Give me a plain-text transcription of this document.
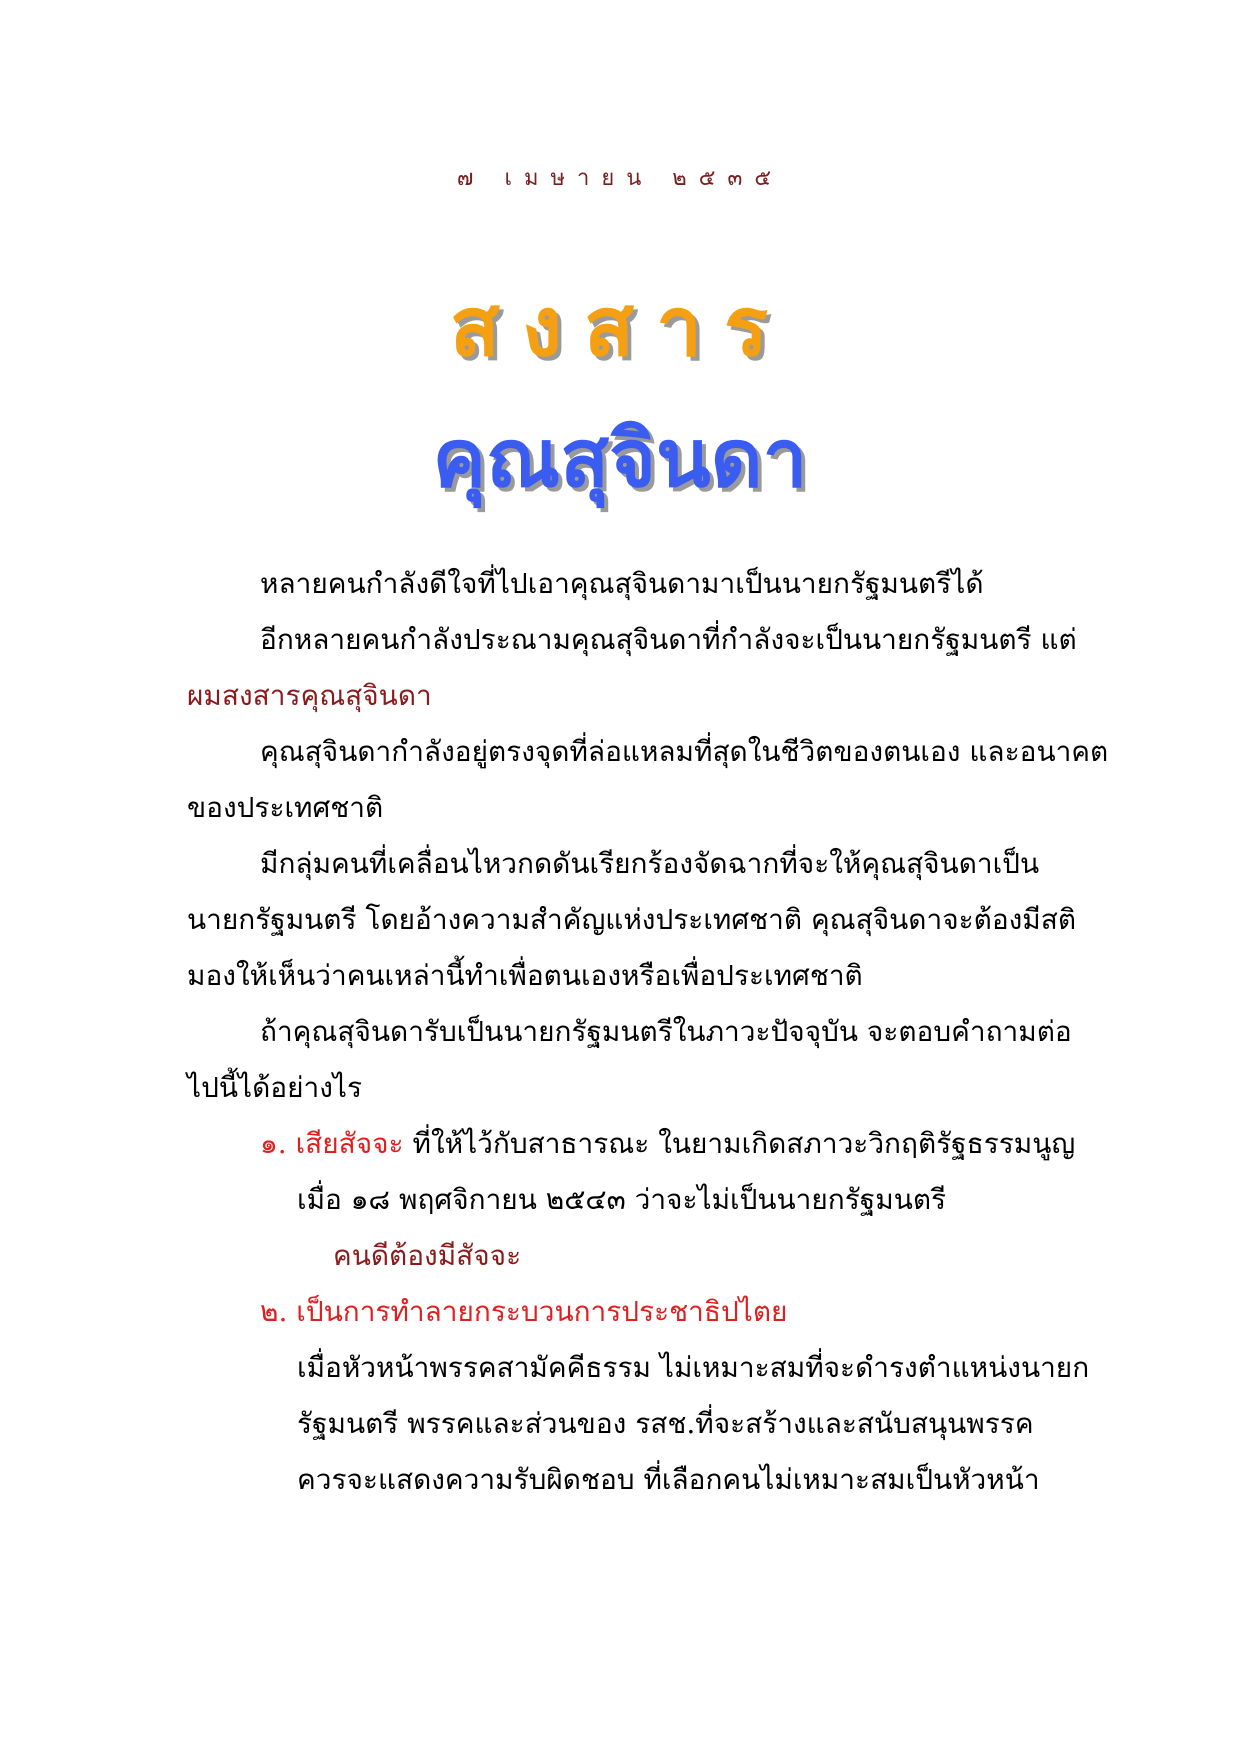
๗ เมษายน ๒๕๓๕
สงสาร
คุณสุจินดา
หลายคนกำลังดีใจที่ไปเอาคุณสุจินดามาเป็นนายกรัฐมนตรีได้
อีกหลายคนกำลังประณามคุณสุจินดาที่กำลังจะเป็นนายกรัฐมนตรี แต่
ผมสงสารคุณสุจินดา
คุณสุจินดากำลังอยู่ตรงจุดที่ล่อแหลมที่สุดในชีวิตของตนเอง และอนาคต
ของประเทศชาติ
มีกลุ่มคนที่เคลื่อนไหวกดดันเรียกร้องจัดฉากที่จะให้คุณสุจินดาเป็น
นายกรัฐมนตรี โดยอ้างความสำคัญแห่งประเทศชาติ คุณสุจินดาจะต้องมีสติ
มองให้เห็นว่าคนเหล่านี้ทำเพื่อตนเองหรือเพื่อประเทศชาติ
ถ้าคุณสุจินดารับเป็นนายกรัฐมนตรีในภาวะปัจจุบัน จะตอบคำถามต่อ
ไปนี้ได้อย่างไร
๑. เสียสัจจะ ที่ให้ไว้กับสาธารณะ ในยามเกิดสภาวะวิกฤติรัฐธรรมนูญ
เมื่อ ๑๘ พฤศจิกายน ๒๕๔๓ ว่าจะไม่เป็นนายกรัฐมนตรี
คนดีต้องมีสัจจะ
๒. เป็นการทำลายกระบวนการประชาธิปไตย
เมื่อหัวหน้าพรรคสามัคคีธรรม ไม่เหมาะสมที่จะดำรงตำแหน่งนายก
รัฐมนตรี พรรคและส่วนของ รสช.ที่จะสร้างและสนับสนุนพรรค
ควรจะแสดงความรับผิดชอบ ที่เลือกคนไม่เหมาะสมเป็นหัวหน้า
